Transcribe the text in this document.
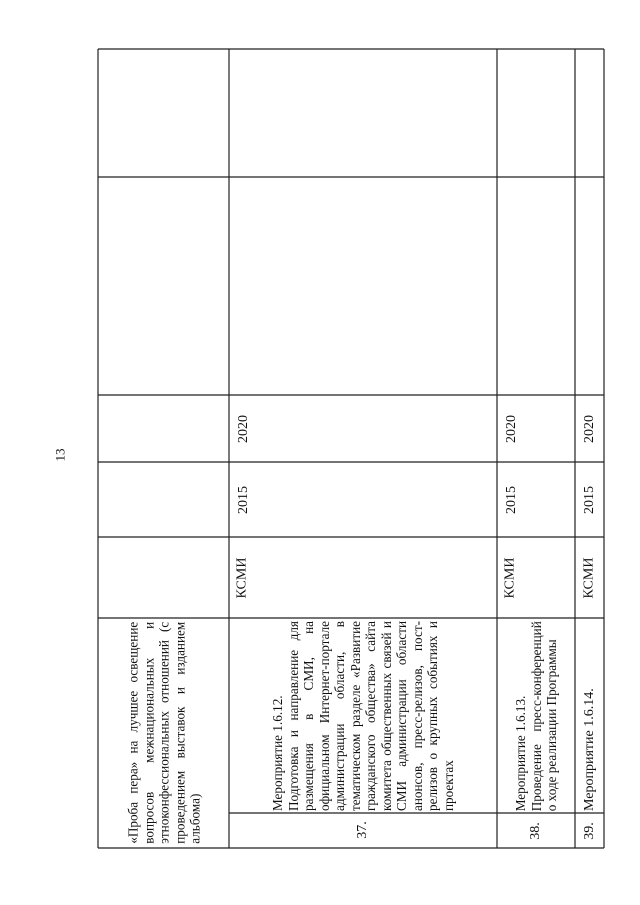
13
«Проба пера» на лучшее освещение вопросов межнациональных и этноконфессиональных отношений (с проведением выставок и изданием альбома)	37.
Мероприятие 1.6.12. Подготовка и направление для размещения в СМИ, на официальном Интернет-портале администрации области, в тематическом разделе «Развитие гражданского общества» сайта комитета общественных связей и СМИ администрации области анонсов, пресс-релизов, пост-релизов о крупных событиях и проектах
КСМИ
2015
2020
38.
Мероприятие 1.6.13. Проведение пресс-конференций о ходе реализации Программы
КСМИ
2015
2020
39.
Мероприятие 1.6.14.
КСМИ
2015
2020
